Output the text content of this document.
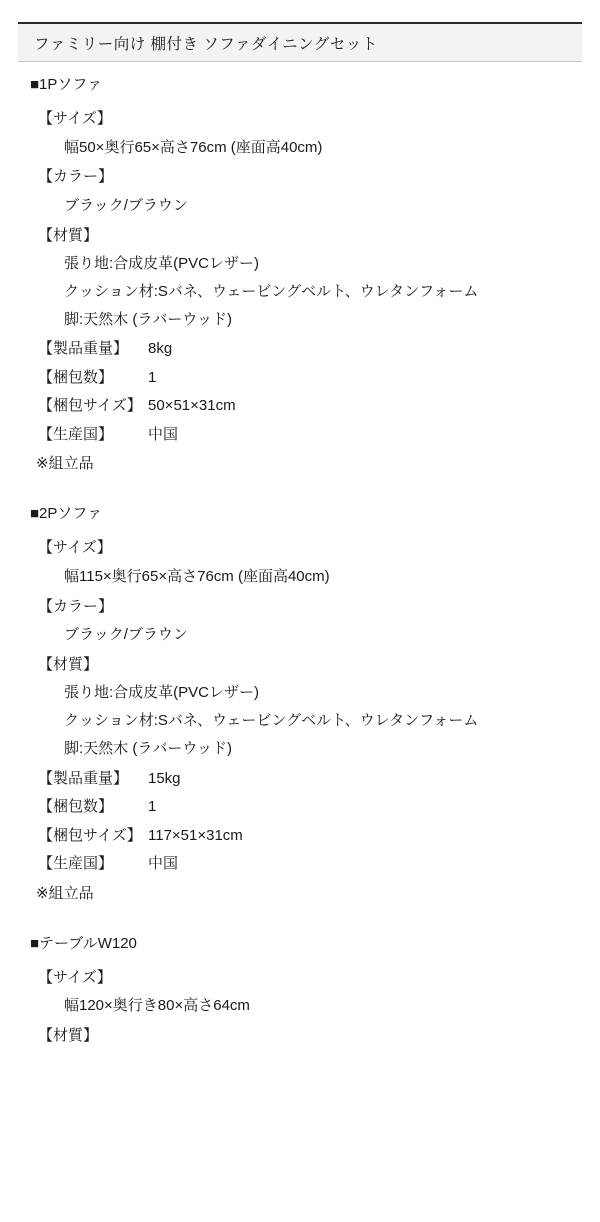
ファミリー向け 棚付き ソファダイニングセット
■1Pソファ
【サイズ】
幅50×奥行65×高さ76cm (座面高40cm)
【カラー】
ブラック/ブラウン
【材質】
張り地:合成皮革(PVCレザー)
クッション材:Sバネ、ウェービングベルト、ウレタンフォーム
脚:天然木 (ラバーウッド)
【製品重量】	8kg
【梱包数】	1
【梱包サイズ】 50×51×31cm
【生産国】	中国
※組立品
■2Pソファ
【サイズ】
幅115×奥行65×高さ76cm (座面高40cm)
【カラー】
ブラック/ブラウン
【材質】
張り地:合成皮革(PVCレザー)
クッション材:Sバネ、ウェービングベルト、ウレタンフォーム
脚:天然木 (ラバーウッド)
【製品重量】	15kg
【梱包数】	1
【梱包サイズ】 117×51×31cm
【生産国】	中国
※組立品
■テーブルW120
【サイズ】
幅120×奥行き80×高さ64cm
【材質】
